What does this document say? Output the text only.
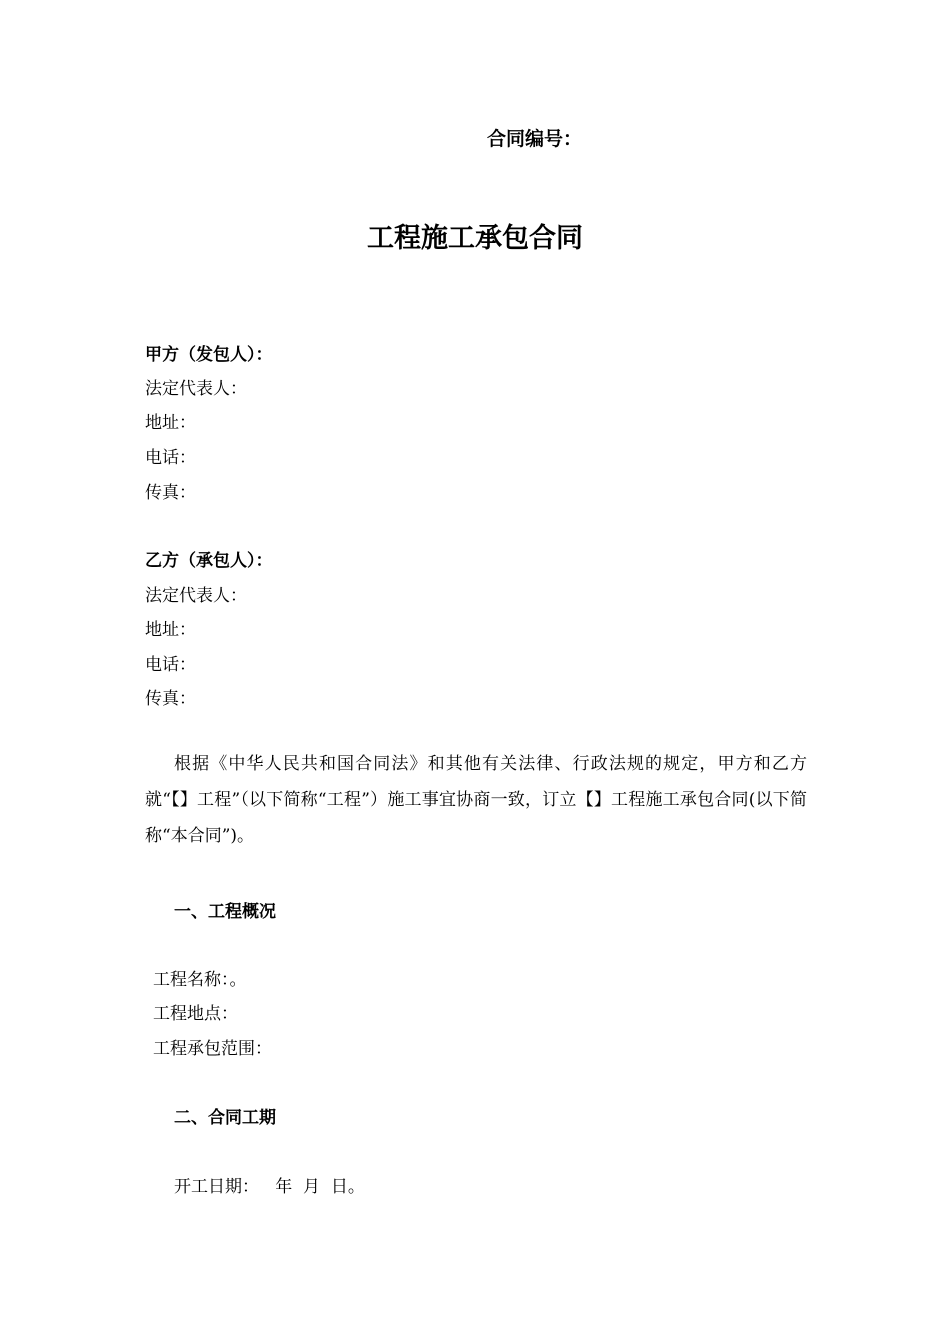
合同编号：
工程施工承包合同
甲方（发包人）：
法定代表人：
地址：
电话：
传真：
乙方（承包人）：
法定代表人：
地址：
电话：
传真：
根据《中华人民共和国合同法》和其他有关法律、行政法规的规定，甲方和乙方就“【】工程”（以下简称“工程”）施工事宜协商一致，订立【】工程施工承包合同(以下简称“本合同”)。
一、工程概况
工程名称：。
工程地点：
工程承包范围：
二、合同工期
开工日期：   年  月  日。
